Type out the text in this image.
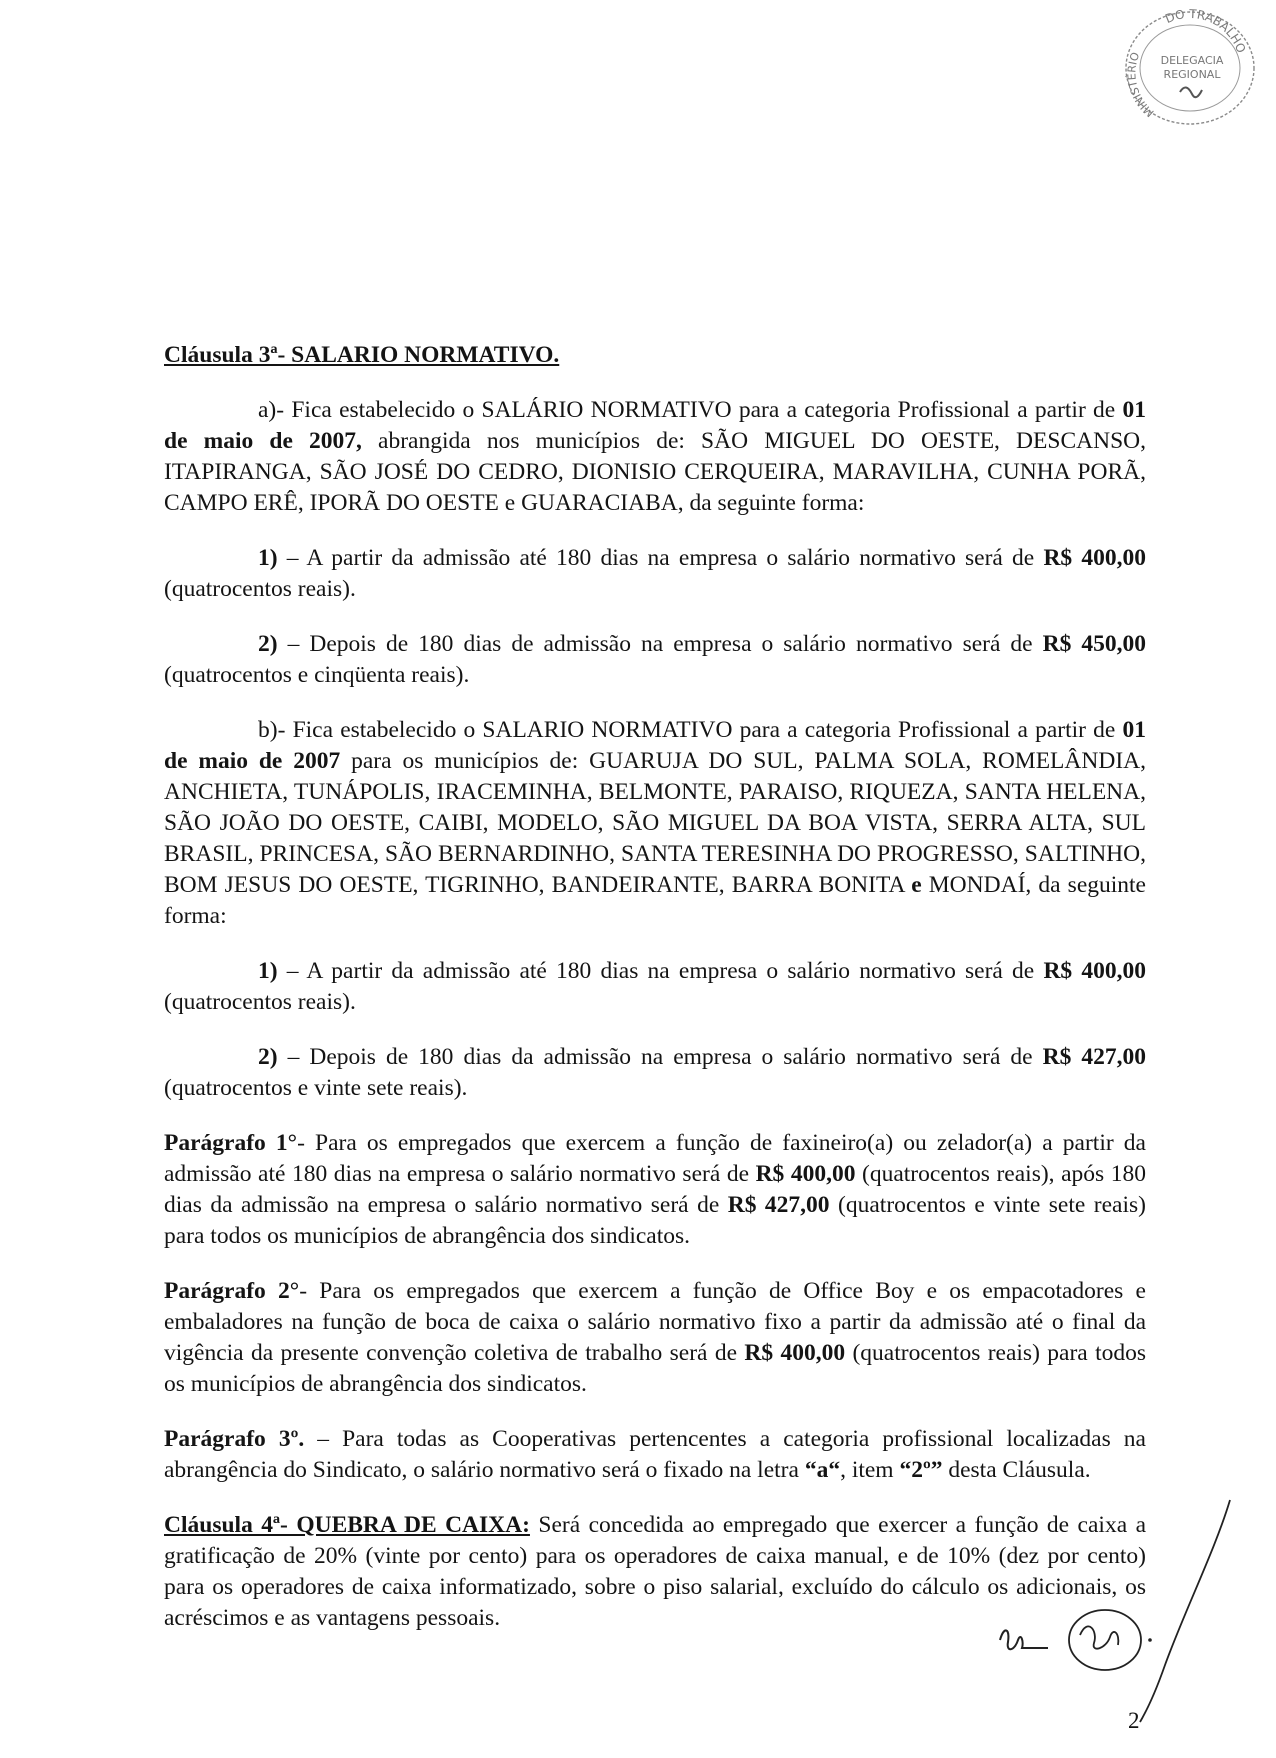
DO TRABALHO
MINISTÉRIO	DELEGACIA
REGIONAL

Cláusula 3ª- SALARIO NORMATIVO.

a)- Fica estabelecido o SALÁRIO NORMATIVO para a categoria Profissional a partir de 01 de maio de 2007, abrangida nos municípios de: SÃO MIGUEL DO OESTE, DESCANSO, ITAPIRANGA, SÃO JOSÉ DO CEDRO, DIONISIO CERQUEIRA, MARAVILHA, CUNHA PORÃ, CAMPO ERÊ, IPORÃ DO OESTE e GUARACIABA, da seguinte forma:

1) – A partir da admissão até 180 dias na empresa o salário normativo será de R$ 400,00 (quatrocentos reais).

2) – Depois de 180 dias de admissão na empresa o salário normativo será de R$ 450,00 (quatrocentos e cinqüenta reais).

b)- Fica estabelecido o SALARIO NORMATIVO para a categoria Profissional a partir de 01 de maio de 2007 para os municípios de: GUARUJA DO SUL, PALMA SOLA, ROMELÂNDIA, ANCHIETA, TUNÁPOLIS, IRACEMINHA, BELMONTE, PARAISO, RIQUEZA, SANTA HELENA, SÃO JOÃO DO OESTE, CAIBI, MODELO, SÃO MIGUEL DA BOA VISTA, SERRA ALTA, SUL BRASIL, PRINCESA, SÃO BERNARDINHO, SANTA TERESINHA DO PROGRESSO, SALTINHO, BOM JESUS DO OESTE, TIGRINHO, BANDEIRANTE, BARRA BONITA e MONDAÍ, da seguinte forma:

1) – A partir da admissão até 180 dias na empresa o salário normativo será de R$ 400,00 (quatrocentos reais).

2) – Depois de 180 dias da admissão na empresa o salário normativo será de R$ 427,00 (quatrocentos e vinte sete reais).

Parágrafo 1°- Para os empregados que exercem a função de faxineiro(a) ou zelador(a) a partir da admissão até 180 dias na empresa o salário normativo será de R$ 400,00 (quatrocentos reais), após 180 dias da admissão na empresa o salário normativo será de R$ 427,00 (quatrocentos e vinte sete reais) para todos os municípios de abrangência dos sindicatos.

Parágrafo 2°- Para os empregados que exercem a função de Office Boy e os empacotadores e embaladores na função de boca de caixa o salário normativo fixo a partir da admissão até o final da vigência da presente convenção coletiva de trabalho será de R$ 400,00 (quatrocentos reais) para todos os municípios de abrangência dos sindicatos.

Parágrafo 3º. – Para todas as Cooperativas pertencentes a categoria profissional localizadas na abrangência do Sindicato, o salário normativo será o fixado na letra “a“, item “2º” desta Cláusula.

Cláusula 4ª- QUEBRA DE CAIXA: Será concedida ao empregado que exercer a função de caixa a gratificação de 20% (vinte por cento) para os operadores de caixa manual, e de 10% (dez por cento) para os operadores de caixa informatizado, sobre o piso salarial, excluído do cálculo os adicionais, os acréscimos e as vantagens pessoais.

2
